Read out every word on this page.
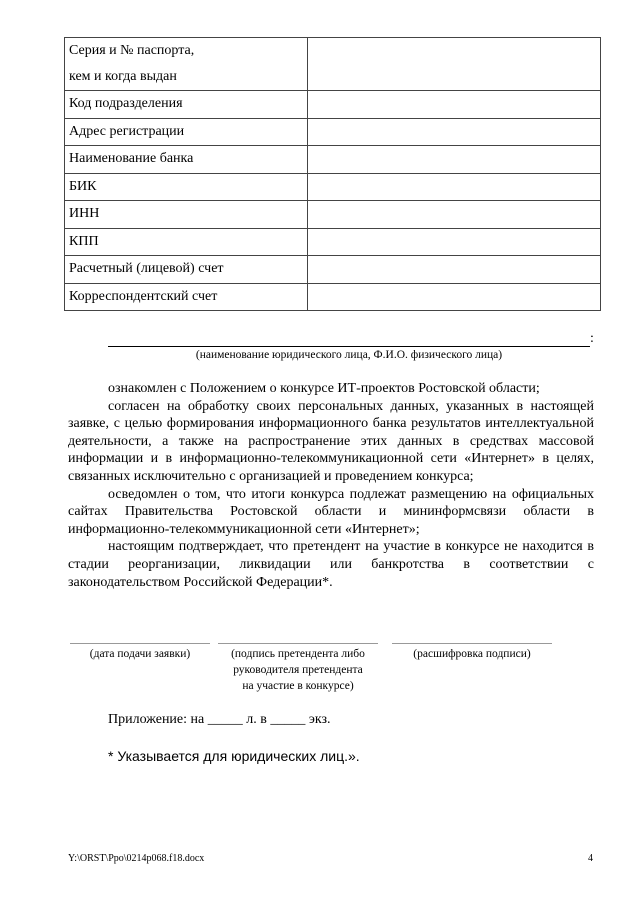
Серия и № паспорта,
кем и когда выдан	

Код подразделения	
Адрес регистрации	
Наименование банка	
БИК	
ИНН	
КПП	
Расчетный (лицевой) счет	
Корреспондентский счет	
:
(наименование юридического лица, Ф.И.О. физического лица)

ознакомлен с Положением о конкурсе ИТ-проектов Ростовской области;

согласен на обработку своих персональных данных, указанных в настоящей заявке, с целью формирования информационного банка результатов интеллектуальной деятельности, а также на распространение этих данных в средствах массовой информации и в информационно-телекоммуникационной сети «Интернет» в целях, связанных исключительно с организацией и проведением конкурса;

осведомлен о том, что итоги конкурса подлежат размещению на официальных сайтах Правительства Ростовской области и мининформсвязи области в информационно-телекоммуникационной сети «Интернет»;

настоящим подтверждает, что претендент на участие в конкурсе не находится в стадии реорганизации, ликвидации или банкротства в соответствии с законодательством Российской Федерации*.

(дата подачи заявки)	(подпись претендента либо
руководителя претендента
на участие в конкурсе)
(расшифровка подписи)
Приложение: на _____ л. в _____ экз.
* Указывается для юридических лиц.».
Y:\ORST\Ppo\0214p068.f18.docx	4
